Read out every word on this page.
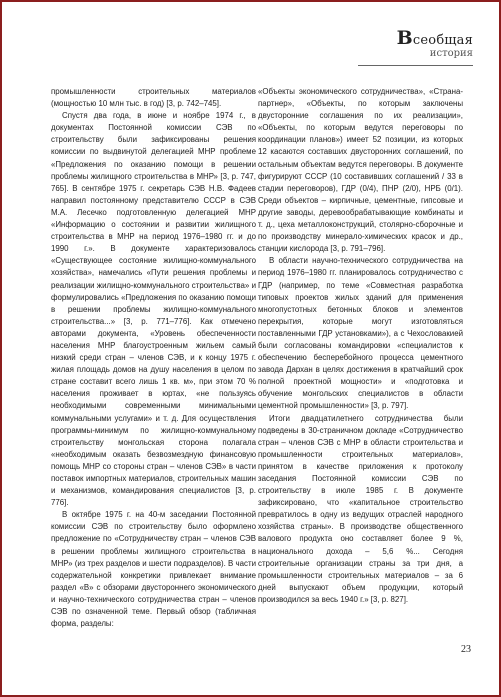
Всеобщая
история

промышленности строительных материалов (мощностью 10 млн тыс. в год) [3, р. 742–745].

Спустя два года, в июне и ноябре 1974 г., в документах Постоянной комиссии СЭВ по строительству были зафиксированы решения комиссии по выдвинутой делегацией МНР проблеме «Предложения по оказанию помощи в решении проблемы жилищного строительства в МНР» [3, р. 747, 765]. В сентябре 1975 г. секретарь СЭВ Н.В. Фадеев направил постоянному представителю СССР в СЭВ М.А. Лесечко подготовленную делегацией МНР «Информацию о состоянии и развитии жилищного строительства в МНР на период 1976–1980 гг. и до 1990 г.». В документе характеризовалось «Существующее состояние жилищно-коммунального хозяйства», намечались «Пути решения проблемы и реализации жилищно-коммунального строительства» и формулировались «Предложения по оказанию помощи в решении проблемы жилищно-коммунального строительства...» [3, р. 771–776]. Как отмечено авторами документа, «Уровень обеспеченности населения МНР благоустроенным жильем самый низкий среди стран – членов СЭВ, и к концу 1975 г. жилая площадь домов на душу населения в целом по стране составит всего лишь 1 кв. м», при этом 70 % населения проживает в юртах, «не пользуясь необходимыми современными минимальными коммунальными услугами» и т. д. Для осуществления программы-минимум по жилищно-коммунальному строительству монгольская сторона полагала «необходимым оказать безвозмездную финансовую помощь МНР со стороны стран – членов СЭВ» в части поставок импортных материалов, строительных машин и механизмов, командирования специалистов [3, р. 776].

В октябре 1975 г. на 40-м заседании Постоянной комиссии СЭВ по строительству было оформлено предложение по «Сотрудничеству стран – членов СЭВ в решении проблемы жилищного строительства в МНР» (из трех разделов и шести подразделов). В части содержательной конкретики привлекает внимание раздел «В» с обзорами двустороннего экономического и научно-технического сотрудничества стран – членов СЭВ по означенной теме. Первый обзор (табличная форма, разделы:

«Объекты экономического сотрудничества», «Страна-партнер», «Объекты, по которым заключены двусторонние соглашения по их реализации», «Объекты, по которым ведутся переговоры по координации планов») имеет 52 позиции, из которых 12 касаются составших двусторонних соглашений, по остальным объектам ведутся переговоры. В документе фигурируют СССР (10 составивших соглашений / 33 в стадии переговоров), ГДР (0/4), ПНР (2/0), НРБ (0/1). Среди объектов – кирпичные, цементные, гипсовые и другие заводы, деревообрабатывающие комбинаты и т. д., цеха металлоконструкций, столярно-сборочные и по производству минерало-химических красок и др., станции кислорода [3, р. 791–796].

В области научно-технического сотрудничества на период 1976–1980 гг. планировалось сотрудничество с ГДР (например, по теме «Совместная разработка типовых проектов жилых зданий для применения многопустотных бетонных блоков и элементов перекрытия, которые могут изготовляться поставленными ГДР установками»), а с Чехословакией были согласованы командировки «специалистов к обеспечению бесперебойного процесса цементного завода Дархан в целях достижения в кратчайший срок полной проектной мощности» и «подготовка и обучение монгольских специалистов в области цементной промышленности» [3, р. 797].

Итоги двадцатилетнего сотрудничества были подведены в 30-страничном докладе «Сотрудничество стран – членов СЭВ с МНР в области строительства и промышленности строительных материалов», принятом в качестве приложения к протоколу заседания Постоянной комиссии СЭВ по строительству в июле 1985 г. В документе зафиксировано, что «капитальное строительство превратилось в одну из ведущих отраслей народного хозяйства страны». В производстве общественного валового продукта оно составляет более 9 %, национального дохода – 5,6 %... Сегодня строительные организации страны за три дня, а промышленности строительных материалов – за 6 дней выпускают объем продукции, который производился за весь 1940 г.» [3, р. 827].

23
